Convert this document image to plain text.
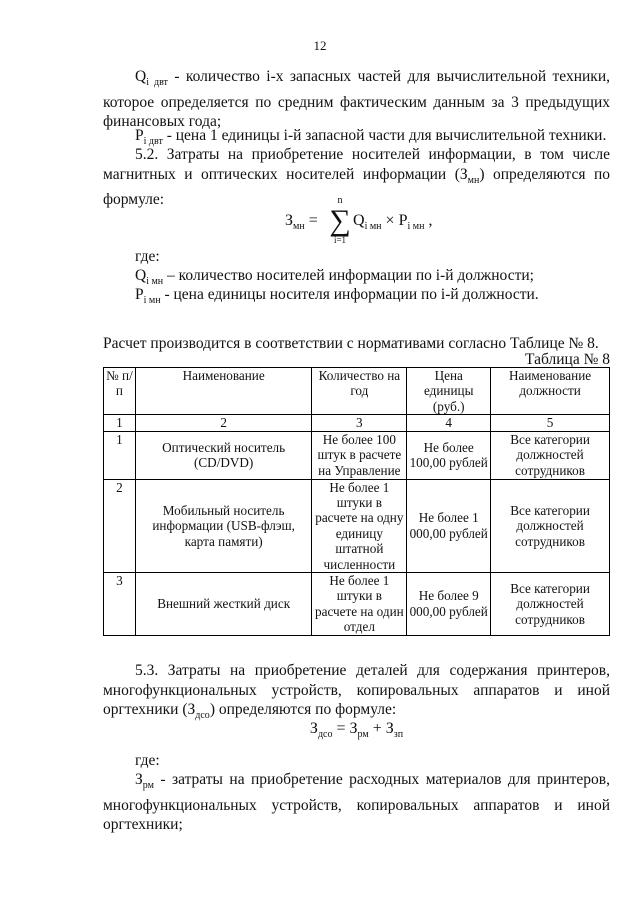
12
$Q_{i двт}$ - количество i-х запасных частей для вычислительной техники,
которое определяется по средним фактическим данным за 3 предыдущих
финансовых года;
$P_{i двт}$ - цена 1 единицы i-й запасной части для вычислительной техники.
5.2. Затраты на приобретение носителей информации, в том числе
магнитных и оптических носителей информации $(З_{мн})$ определяются по
формуле:
$З_{мн}$ =
n
∑
i=1
$Q_{i мн} \times P_{i мн}$ ,
где:
$Q_{i мн}$ – количество носителей информации по i-й должности;
$P_{i мн}$ - цена единицы носителя информации по i-й должности.
Расчет производится в соответствии с нормативами согласно Таблице № 8.
Таблица № 8
№ п/п	Наименование	Количество на год	Цена единицы (руб.)	Наименование должности
1	2	3	4	5
1	Оптический носитель (CD/DVD)	Не более 100 штук в расчете на Управление	Не более 100,00 рублей	Все категории должностей сотрудников
2	Мобильный носитель информации (USB-флэш, карта памяти)	Не более 1 штуки в расчете на одну единицу штатной численности	Не более 1 000,00 рублей	Все категории должностей сотрудников
3	Внешний жесткий диск	Не более 1 штуки в расчете на один отдел	Не более 9 000,00 рублей	Все категории должностей сотрудников
5.3. Затраты на приобретение деталей для содержания принтеров,
многофункциональных устройств, копировальных аппаратов и иной
оргтехники $(З_{дсо})$ определяются по формуле:
$З_{дсо} = З_{рм} + З_{зп}$
где:
$З_{рм}$ - затраты на приобретение расходных материалов для принтеров,
многофункциональных устройств, копировальных аппаратов и иной
оргтехники;
